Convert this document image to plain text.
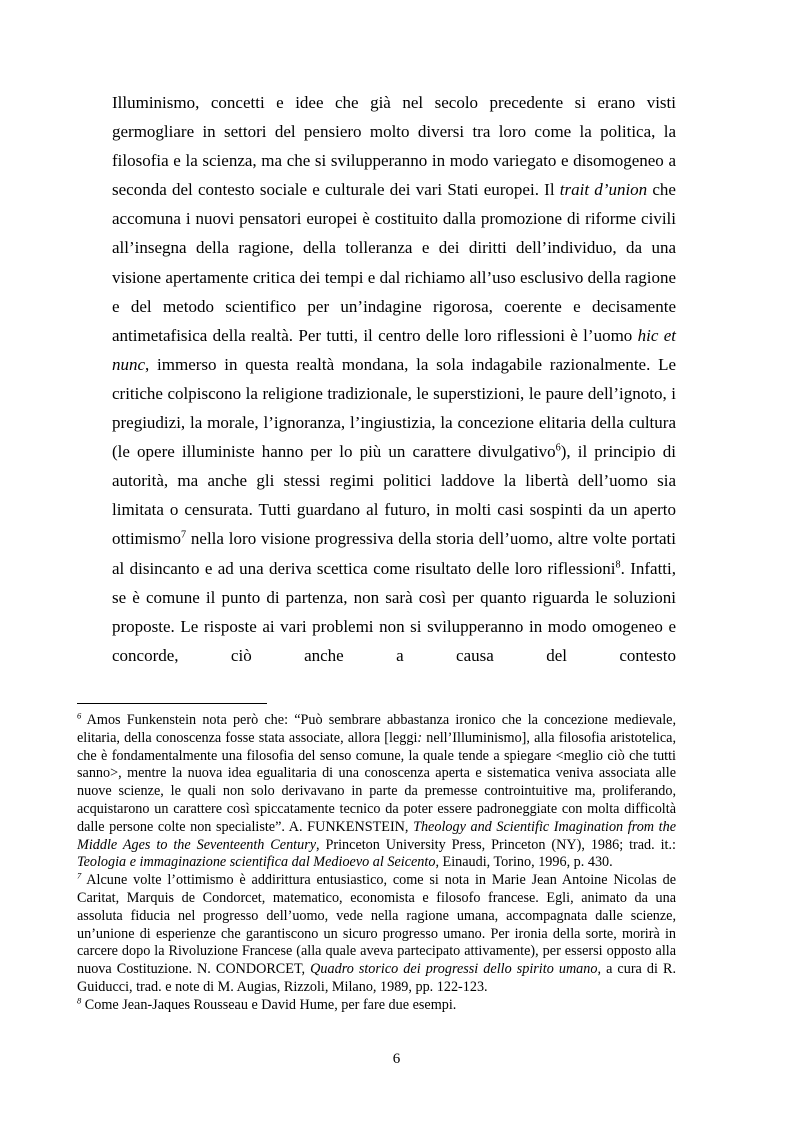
Illuminismo, concetti e idee che già nel secolo precedente si erano visti germogliare in settori del pensiero molto diversi tra loro come la politica, la filosofia e la scienza, ma che si svilupperanno in modo variegato e disomogeneo a seconda del contesto sociale e culturale dei vari Stati europei. Il trait d’union che accomuna i nuovi pensatori europei è costituito dalla promozione di riforme civili all’insegna della ragione, della tolleranza e dei diritti dell’individuo, da una visione apertamente critica dei tempi e dal richiamo all’uso esclusivo della ragione e del metodo scientifico per un’indagine rigorosa, coerente e decisamente antimetafisica della realtà. Per tutti, il centro delle loro riflessioni è l’uomo hic et nunc, immerso in questa realtà mondana, la sola indagabile razionalmente. Le critiche colpiscono la religione tradizionale, le superstizioni, le paure dell’ignoto, i pregiudizi, la morale, l’ignoranza, l’ingiustizia, la concezione elitaria della cultura (le opere illuministe hanno per lo più un carattere divulgativo$^6$), il principio di autorità, ma anche gli stessi regimi politici laddove la libertà dell’uomo sia limitata o censurata. Tutti guardano al futuro, in molti casi sospinti da un aperto ottimismo$^7$ nella loro visione progressiva della storia dell’uomo, altre volte portati al disincanto e ad una deriva scettica come risultato delle loro riflessioni$^8$. Infatti, se è comune il punto di partenza, non sarà così per quanto riguarda le soluzioni proposte. Le risposte ai vari problemi non si svilupperanno in modo omogeneo e concorde, ciò anche a causa del contesto

$^6$ Amos Funkenstein nota però che: “Può sembrare abbastanza ironico che la concezione medievale, elitaria, della conoscenza fosse stata associate, allora [leggi: nell’Illuminismo], alla filosofia aristotelica, che è fondamentalmente una filosofia del senso comune, la quale tende a spiegare <meglio ciò che tutti sanno>, mentre la nuova idea egualitaria di una conoscenza aperta e sistematica veniva associata alle nuove scienze, le quali non solo derivavano in parte da premesse controintuitive ma, proliferando, acquistarono un carattere così spiccatamente tecnico da poter essere padroneggiate con molta difficoltà dalle persone colte non specialiste”. A. FUNKENSTEIN, Theology and Scientific Imagination from the Middle Ages to the Seventeenth Century, Princeton University Press, Princeton (NY), 1986; trad. it.: Teologia e immaginazione scientifica dal Medioevo al Seicento, Einaudi, Torino, 1996, p. 430.

$^7$ Alcune volte l’ottimismo è addirittura entusiastico, come si nota in Marie Jean Antoine Nicolas de Caritat, Marquis de Condorcet, matematico, economista e filosofo francese. Egli, animato da una assoluta fiducia nel progresso dell’uomo, vede nella ragione umana, accompagnata dalle scienze, un’unione di esperienze che garantiscono un sicuro progresso umano. Per ironia della sorte, morirà in carcere dopo la Rivoluzione Francese (alla quale aveva partecipato attivamente), per essersi opposto alla nuova Costituzione. N. CONDORCET, Quadro storico dei progressi dello spirito umano, a cura di R. Guiducci, trad. e note di M. Augias, Rizzoli, Milano, 1989, pp. 122-123.

$^8$ Come Jean-Jaques Rousseau e David Hume, per fare due esempi.

6
